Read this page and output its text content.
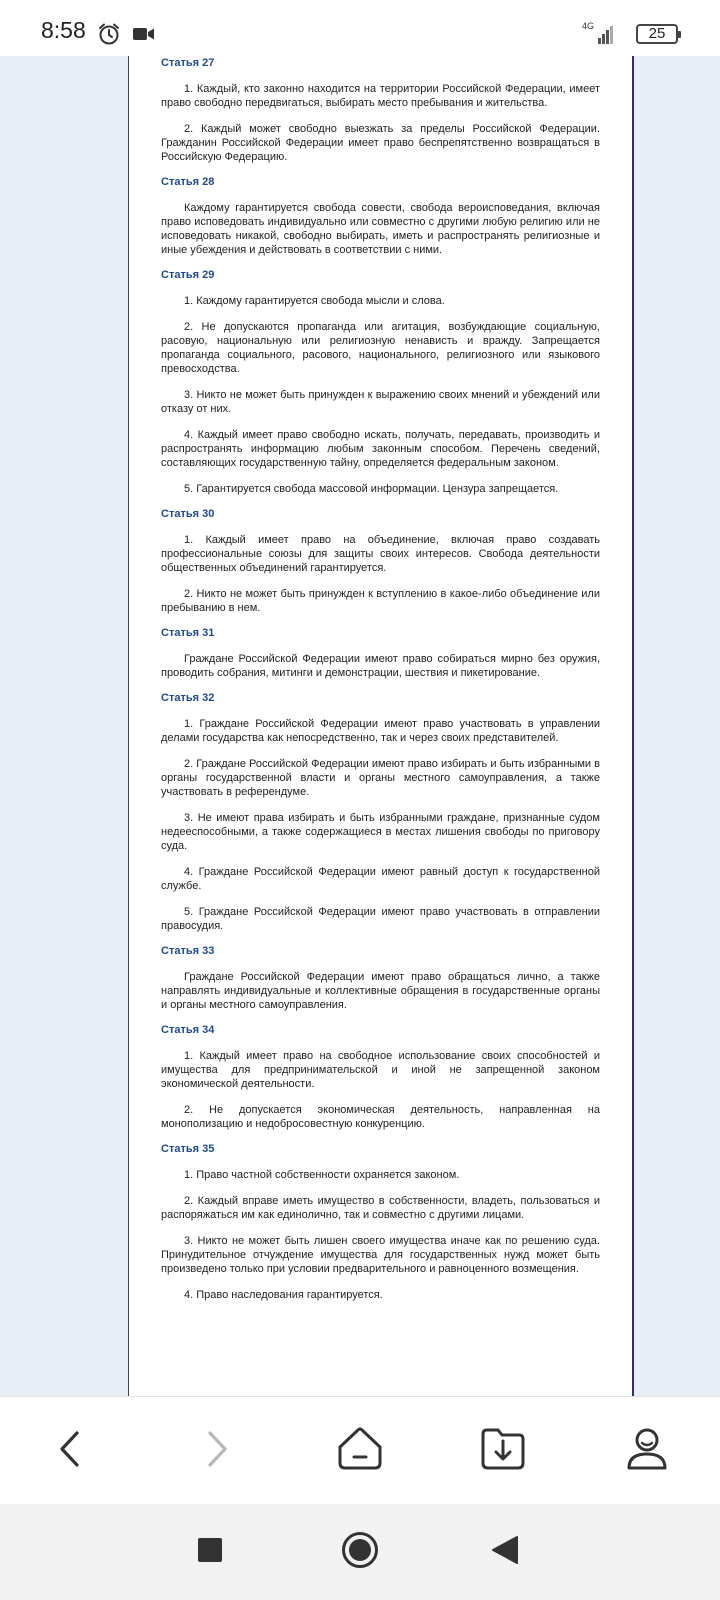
8:58	4G	25

Статья 27

1. Каждый, кто законно находится на территории Российской Федерации, имеет право свободно передвигаться, выбирать место пребывания и жительства.

2. Каждый может свободно выезжать за пределы Российской Федерации. Гражданин Российской Федерации имеет право беспрепятственно возвращаться в Российскую Федерацию.

Статья 28

Каждому гарантируется свобода совести, свобода вероисповедания, включая право исповедовать индивидуально или совместно с другими любую религию или не исповедовать никакой, свободно выбирать, иметь и распространять религиозные и иные убеждения и действовать в соответствии с ними.

Статья 29

1. Каждому гарантируется свобода мысли и слова.

2. Не допускаются пропаганда или агитация, возбуждающие социальную, расовую, национальную или религиозную ненависть и вражду. Запрещается пропаганда социального, расового, национального, религиозного или языкового превосходства.

3. Никто не может быть принужден к выражению своих мнений и убеждений или отказу от них.

4. Каждый имеет право свободно искать, получать, передавать, производить и распространять информацию любым законным способом. Перечень сведений, составляющих государственную тайну, определяется федеральным законом.

5. Гарантируется свобода массовой информации. Цензура запрещается.

Статья 30

1. Каждый имеет право на объединение, включая право создавать профессиональные союзы для защиты своих интересов. Свобода деятельности общественных объединений гарантируется.

2. Никто не может быть принужден к вступлению в какое-либо объединение или пребыванию в нем.

Статья 31

Граждане Российской Федерации имеют право собираться мирно без оружия, проводить собрания, митинги и демонстрации, шествия и пикетирование.

Статья 32

1. Граждане Российской Федерации имеют право участвовать в управлении делами государства как непосредственно, так и через своих представителей.

2. Граждане Российской Федерации имеют право избирать и быть избранными в органы государственной власти и органы местного самоуправления, а также участвовать в референдуме.

3. Не имеют права избирать и быть избранными граждане, признанные судом недееспособными, а также содержащиеся в местах лишения свободы по приговору суда.

4. Граждане Российской Федерации имеют равный доступ к государственной службе.

5. Граждане Российской Федерации имеют право участвовать в отправлении правосудия.

Статья 33

Граждане Российской Федерации имеют право обращаться лично, а также направлять индивидуальные и коллективные обращения в государственные органы и органы местного самоуправления.

Статья 34

1. Каждый имеет право на свободное использование своих способностей и имущества для предпринимательской и иной не запрещенной законом экономической деятельности.

2. Не допускается экономическая деятельность, направленная на монополизацию и недобросовестную конкуренцию.

Статья 35

1. Право частной собственности охраняется законом.

2. Каждый вправе иметь имущество в собственности, владеть, пользоваться и распоряжаться им как единолично, так и совместно с другими лицами.

3. Никто не может быть лишен своего имущества иначе как по решению суда. Принудительное отчуждение имущества для государственных нужд может быть произведено только при условии предварительного и равноценного возмещения.

4. Право наследования гарантируется.
